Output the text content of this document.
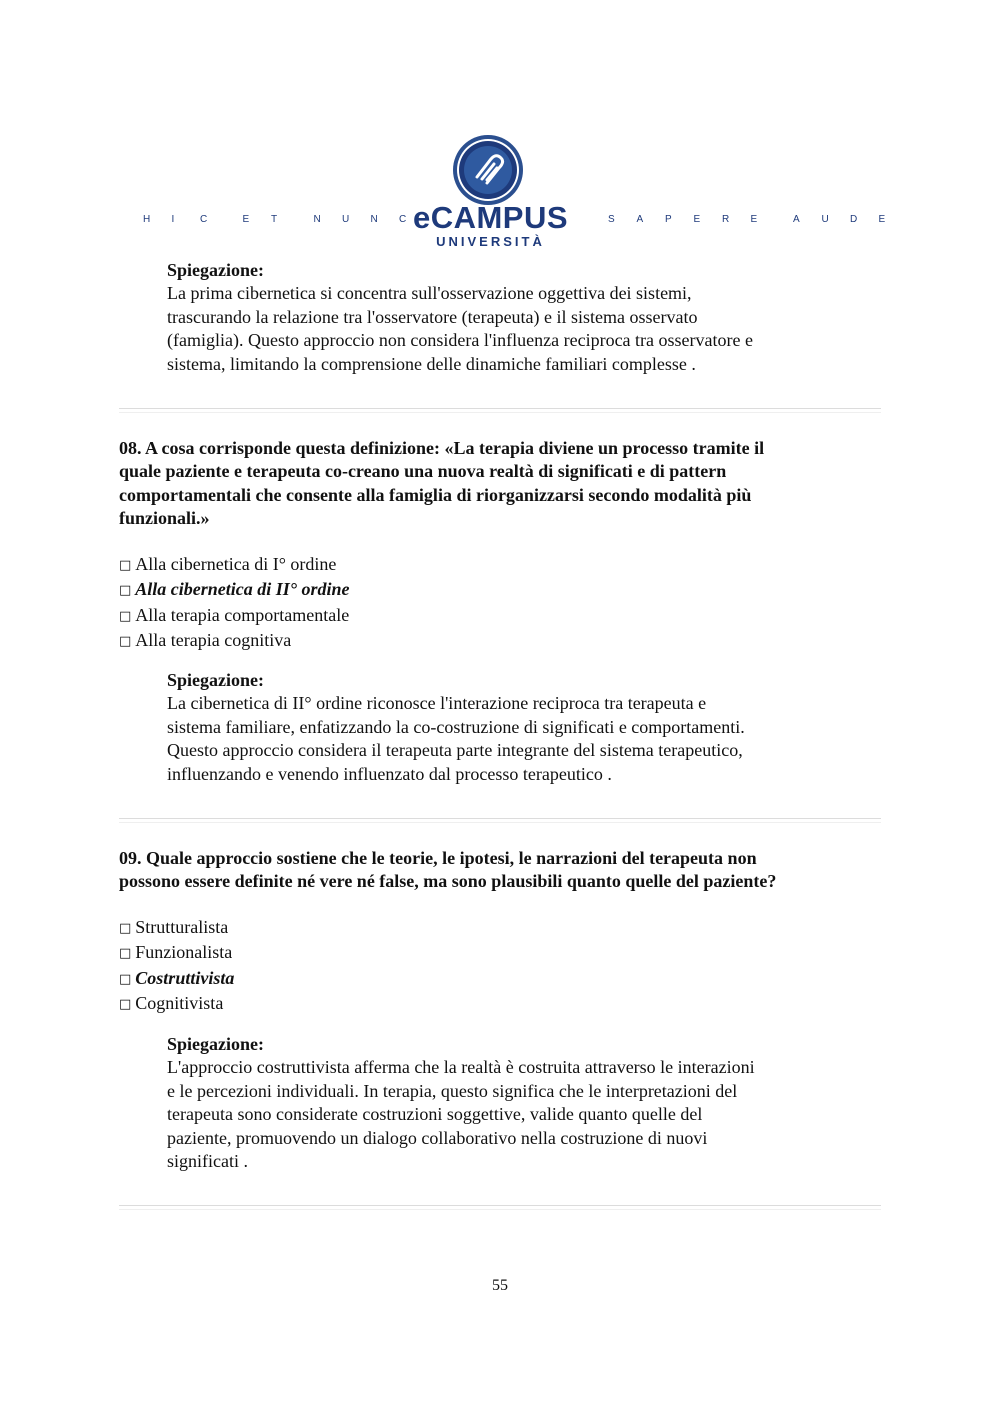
H I	C	E T	N U N C eCAMPUS
UNIVERSITÀ
S A P E R E	A U D E
Spiegazione:
La prima cibernetica si concentra sull'osservazione oggettiva dei sistemi,
trascurando la relazione tra l'osservatore (terapeuta) e il sistema osservato
(famiglia). Questo approccio non considera l'influenza reciproca tra osservatore e
sistema, limitando la comprensione delle dinamiche familiari complesse .
08. A cosa corrisponde questa definizione: «La terapia diviene un processo tramite il
quale paziente e terapeuta co-creano una nuova realtà di significati e di pattern
comportamentali che consente alla famiglia di riorganizzarsi secondo modalità più
funzionali.»
□ Alla cibernetica di I° ordine
□ Alla cibernetica di II° ordine
□ Alla terapia comportamentale
□ Alla terapia cognitiva
Spiegazione:
La cibernetica di II° ordine riconosce l'interazione reciproca tra terapeuta e
sistema familiare, enfatizzando la co-costruzione di significati e comportamenti.
Questo approccio considera il terapeuta parte integrante del sistema terapeutico,
influenzando e venendo influenzato dal processo terapeutico .
09. Quale approccio sostiene che le teorie, le ipotesi, le narrazioni del terapeuta non
possono essere definite né vere né false, ma sono plausibili quanto quelle del paziente?
□ Strutturalista
□ Funzionalista
□ Costruttivista
□ Cognitivista
Spiegazione:
L'approccio costruttivista afferma che la realtà è costruita attraverso le interazioni
e le percezioni individuali. In terapia, questo significa che le interpretazioni del
terapeuta sono considerate costruzioni soggettive, valide quanto quelle del
paziente, promuovendo un dialogo collaborativo nella costruzione di nuovi
significati .
55
